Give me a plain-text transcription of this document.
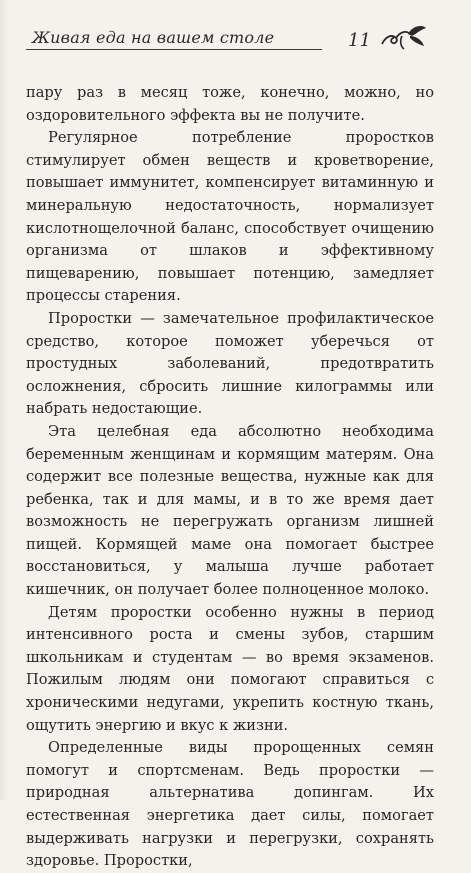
Живая еда на вашем столе	11

пару раз в месяц тоже, конечно, можно, но оздоровительного эффекта вы не получите.

Регулярное потребление проростков стимулирует обмен веществ и кроветворение, повышает иммунитет, компенсирует витаминную и минеральную недостаточность, нормализует кислотнощелочной баланс, способствует очищению организма от шлаков и эффективному пищеварению, повышает потенцию, замедляет процессы старения.

Проростки — замечательное профилактическое средство, которое поможет уберечься от простудных заболеваний, предотвратить осложнения, сбросить лишние килограммы или набрать недостающие.

Эта целебная еда абсолютно необходима беременным женщинам и кормящим матерям. Она содержит все полезные вещества, нужные как для ребенка, так и для мамы, и в то же время дает возможность не перегружать организм лишней пищей. Кормящей маме она помогает быстрее восстановиться, у малыша лучше работает кишечник, он получает более полноценное молоко.

Детям проростки особенно нужны в период интенсивного роста и смены зубов, старшим школьникам и студентам — во время экзаменов. Пожилым людям они помогают справиться с хроническими недугами, укрепить костную ткань, ощутить энергию и вкус к жизни.

Определенные виды пророщенных семян помогут и спортсменам. Ведь проростки — природная альтернатива допингам. Их естественная энергетика дает силы, помогает выдерживать нагрузки и перегрузки, сохранять здоровье. Проростки,
